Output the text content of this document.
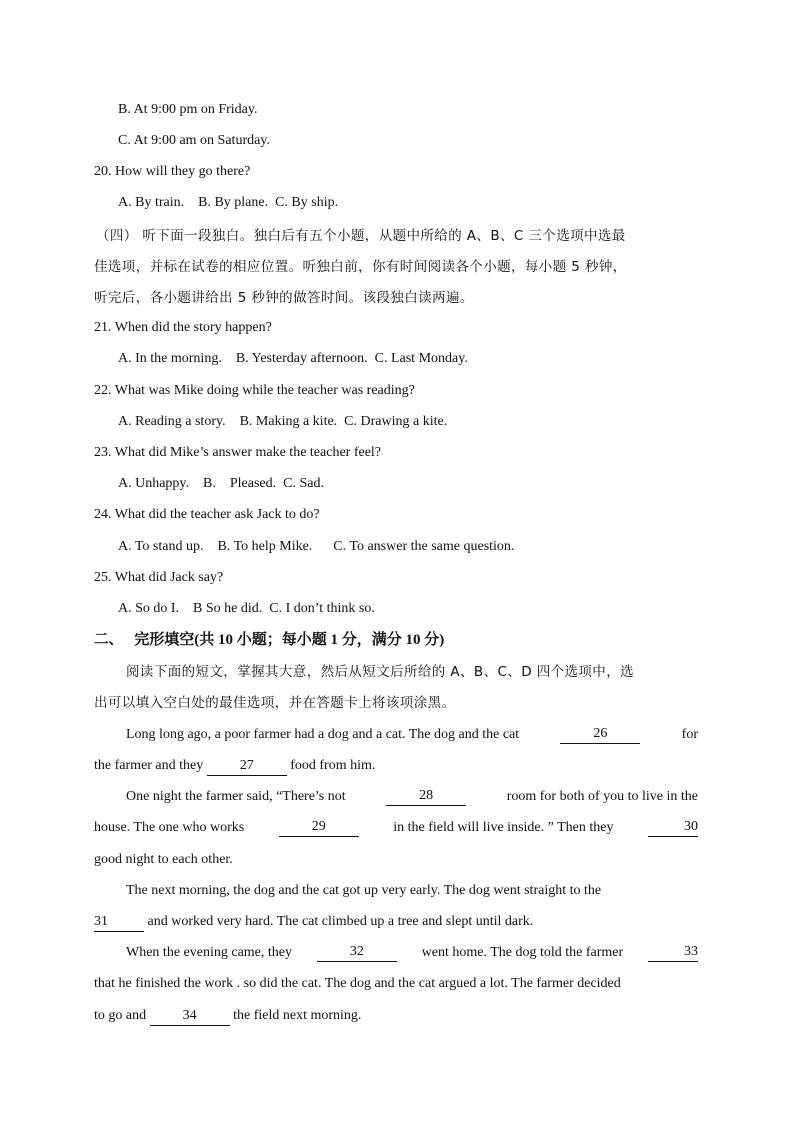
B. At 9:00 pm on Friday.
C. At 9:00 am on Saturday.
20. How will they go there?
A. By train.    B. By plane.  C. By ship.
（四） 听下面一段独白。独白后有五个小题，从题中所给的 A、B、C 三个选项中选最
佳选项，并标在试卷的相应位置。听独白前，你有时间阅读各个小题，每小题 5 秒钟，
听完后，各小题讲给出 5 秒钟的做答时间。该段独白读两遍。
21. When did the story happen?
A. In the morning.    B. Yesterday afternoon.  C. Last Monday.
22. What was Mike doing while the teacher was reading?
A. Reading a story.    B. Making a kite.  C. Drawing a kite.
23. What did Mike’s answer make the teacher feel?
A. Unhappy.    B.    Pleased.  C. Sad.
24. What did the teacher ask Jack to do?
A. To stand up.    B. To help Mike.      C. To answer the same question.
25. What did Jack say?
A. So do I.    B So he did.  C. I don’t think so.
二、 完形填空(共 10 小题；每小题 1 分，满分 10 分)
阅读下面的短文，掌握其大意，然后从短文后所给的 A、B、C、D 四个选项中，选
出可以填入空白处的最佳选项，并在答题卡上将该项涂黑。
Long long ago, a poor farmer had a dog and a cat. The dog and the cat	26	for
the farmer and they	27	food from him.
One night the farmer said, “There’s not	28	room for both of you to live in the
house. The one who works	29	in the field will live inside. ” Then they	30
good night to each other.
The next morning, the dog and the cat got up very early. The dog went straight to the
31	and worked very hard. The cat climbed up a tree and slept until dark.
When the evening came, they	32	went home. The dog told the farmer	33
that he finished the work . so did the cat. The dog and the cat argued a lot. The farmer decided
to go and	34	the field next morning.
